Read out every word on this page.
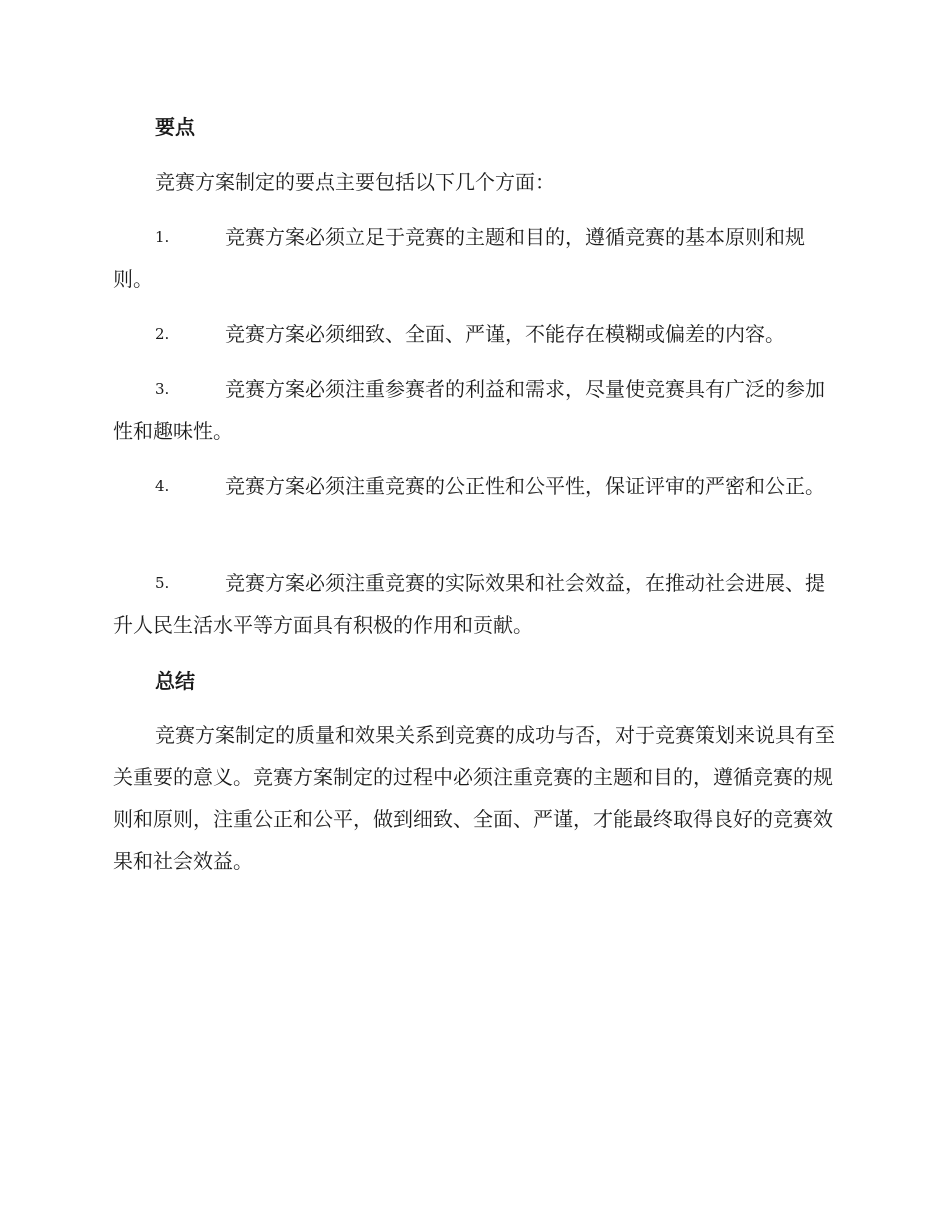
要点

竞赛方案制定的要点主要包括以下几个方面：

1.	竞赛方案必须立足于竞赛的主题和目的，遵循竞赛的基本原则和规则。
2.	竞赛方案必须细致、全面、严谨，不能存在模糊或偏差的内容。
3.	竞赛方案必须注重参赛者的利益和需求，尽量使竞赛具有广泛的参加性和趣味性。
4.	竞赛方案必须注重竞赛的公正性和公平性，保证评审的严密和公正。
5.	竞赛方案必须注重竞赛的实际效果和社会效益，在推动社会进展、提升人民生活水平等方面具有积极的作用和贡献。
总结

竞赛方案制定的质量和效果关系到竞赛的成功与否，对于竞赛策划来说具有至关重要的意义。竞赛方案制定的过程中必须注重竞赛的主题和目的，遵循竞赛的规则和原则，注重公正和公平，做到细致、全面、严谨，才能最终取得良好的竞赛效果和社会效益。
